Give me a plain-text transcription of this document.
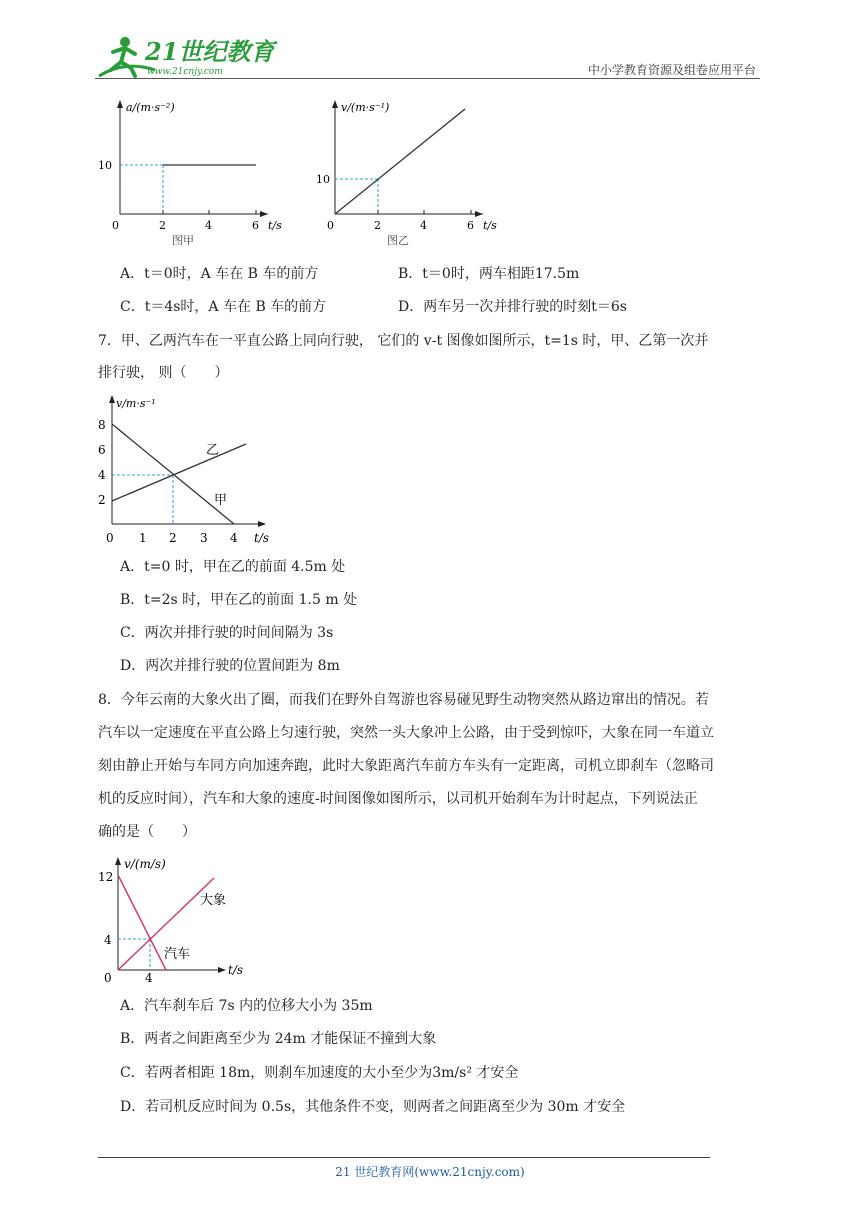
21世纪教育
www.21cnjy.com	中小学教育资源及组卷应用平台
a/(m·s⁻²)
10
0	2	4	6 t/s
图甲
v/(m·s⁻¹)
10
0	2	4	6 t/s
图乙
A．t＝0时，A 车在 B 车的前方	B．t＝0时，两车相距17.5m
C．t＝4s时，A 车在 B 车的前方	D．两车另一次并排行驶的时刻t＝6s
7．甲、乙两汽车在一平直公路上同向行驶， 它们的 v-t 图像如图所示，t=1s 时，甲、乙第一次并
排行驶， 则（　　）
v/m·s⁻¹
8
6
4
2
乙
甲
0 1 2 3 4 t/s
A．t=0 时，甲在乙的前面 4.5m 处
B．t=2s 时，甲在乙的前面 1.5 m 处
C．两次并排行驶的时间间隔为 3s
D．两次并排行驶的位置间距为 8m
8．今年云南的大象火出了圈，而我们在野外自驾游也容易碰见野生动物突然从路边窜出的情况。若
汽车以一定速度在平直公路上匀速行驶，突然一头大象冲上公路，由于受到惊吓，大象在同一车道立
刻由静止开始与车同方向加速奔跑，此时大象距离汽车前方车头有一定距离，司机立即刹车（忽略司
机的反应时间），汽车和大象的速度-时间图像如图所示，以司机开始刹车为计时起点，下列说法正
确的是（　　）
v/(m/s)
12
4
0
大象
汽车
4
t/s
A．汽车刹车后 7s 内的位移大小为 35m
B．两者之间距离至少为 24m 才能保证不撞到大象
C．若两者相距 18m，则刹车加速度的大小至少为3m/s² 才安全
D．若司机反应时间为 0.5s，其他条件不变，则两者之间距离至少为 30m 才安全
21 世纪教育网(www.21cnjy.com)
